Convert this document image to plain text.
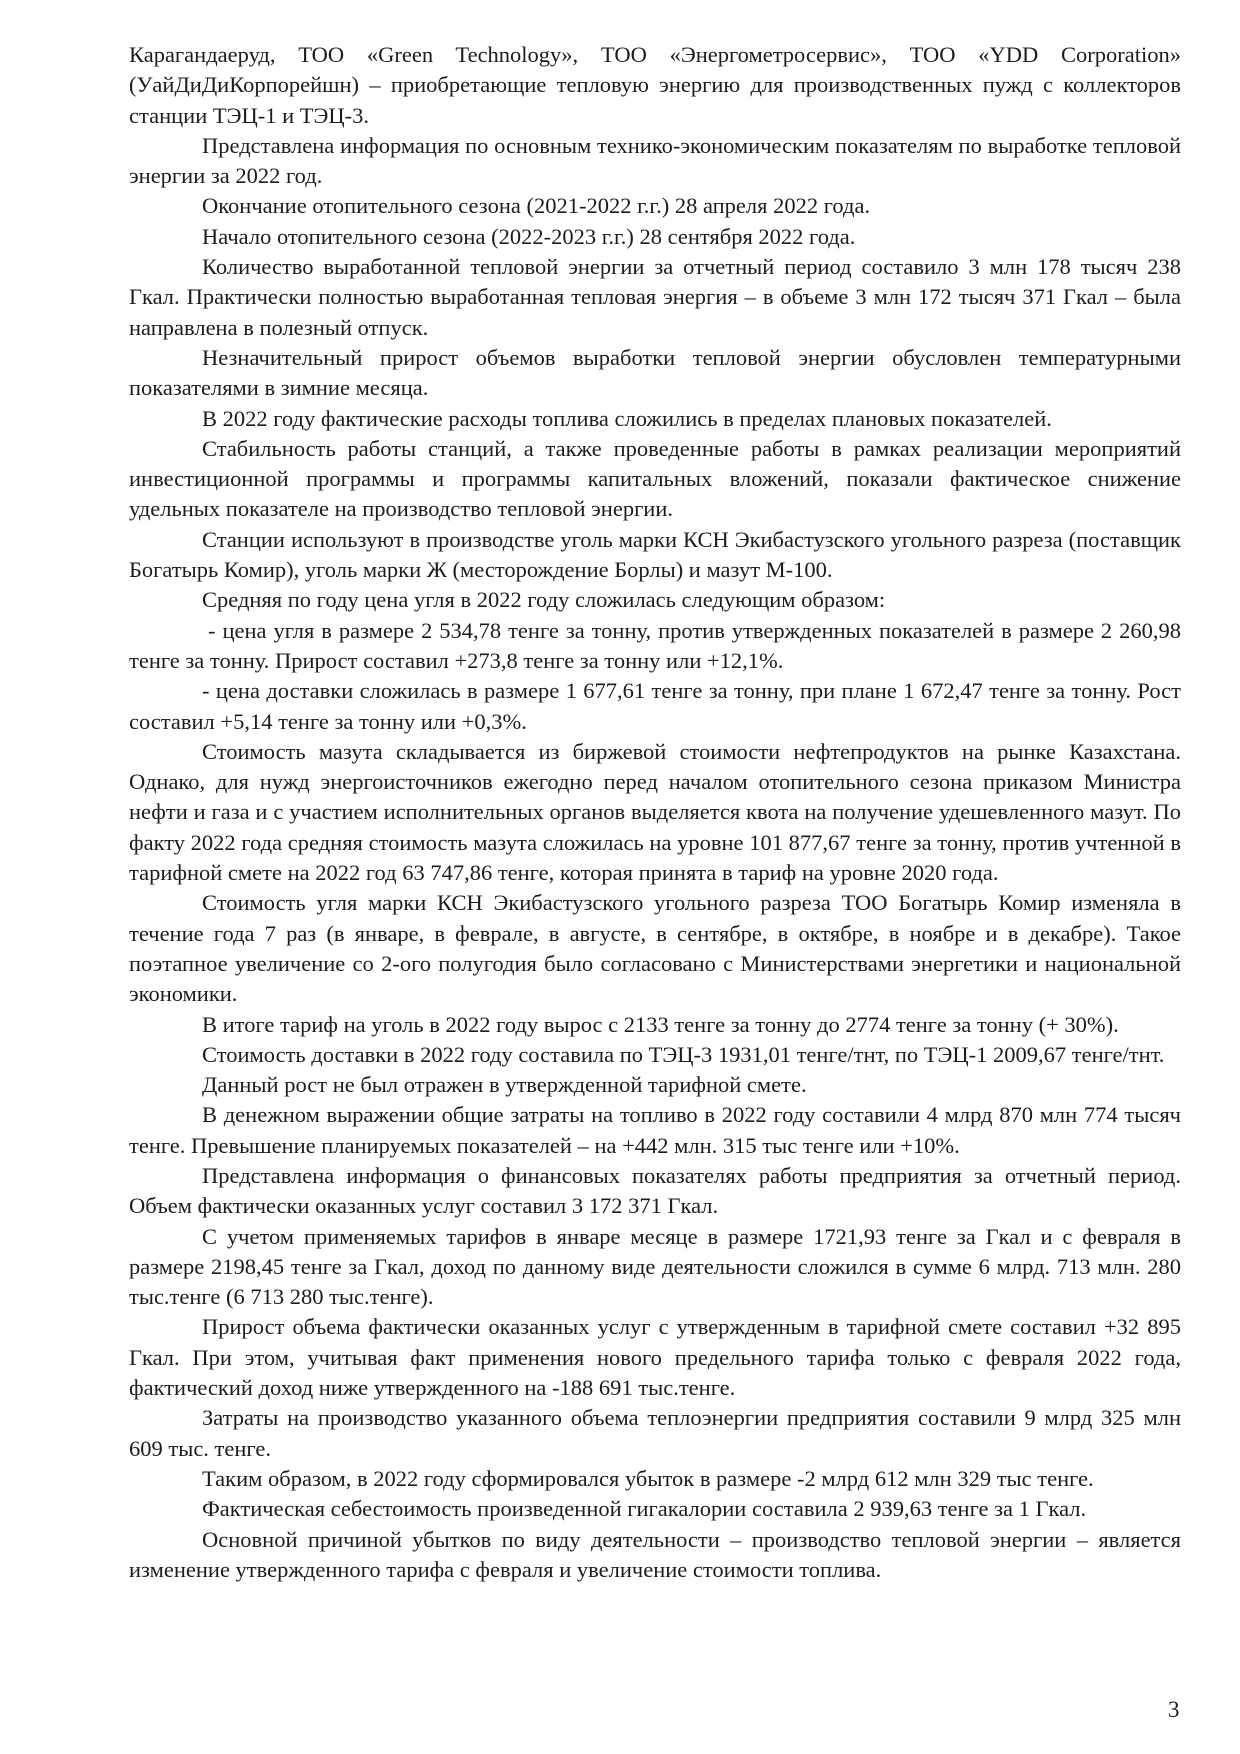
Карагандаеруд, ТОО «Green Technology», ТОО «Энергометросервис», ТОО «YDD Corporation» (УайДиДиКорпорейшн) – приобретающие тепловую энергию для производственных пужд с коллекторов станции ТЭЦ-1 и ТЭЦ-3.

Представлена информация по основным технико-экономическим показателям по выработке тепловой энергии за 2022 год.

Окончание отопительного сезона (2021-2022 г.г.) 28 апреля 2022 года.

Начало отопительного сезона (2022-2023 г.г.) 28 сентября 2022 года.

Количество выработанной тепловой энергии за отчетный период составило 3 млн 178 тысяч 238 Гкал. Практически полностью выработанная тепловая энергия – в объеме 3 млн 172 тысяч 371 Гкал – была направлена в полезный отпуск.

Незначительный прирост объемов выработки тепловой энергии обусловлен температурными показателями в зимние месяца.

В 2022 году фактические расходы топлива сложились в пределах плановых показателей.

Стабильность работы станций, а также проведенные работы в рамках реализации мероприятий инвестиционной программы и программы капитальных вложений, показали фактическое снижение удельных показателе на производство тепловой энергии.

Станции используют в производстве уголь марки КСН Экибастузского угольного разреза (поставщик Богатырь Комир), уголь марки Ж (месторождение Борлы) и мазут М-100.

Средняя по году цена угля в 2022 году сложилась следующим образом:

- цена угля в размере 2 534,78 тенге за тонну, против утвержденных показателей в размере 2 260,98 тенге за тонну. Прирост составил +273,8 тенге за тонну или +12,1%.

- цена доставки сложилась в размере 1 677,61 тенге за тонну, при плане 1 672,47 тенге за тонну. Рост составил +5,14 тенге за тонну или +0,3%.

Стоимость мазута складывается из биржевой стоимости нефтепродуктов на рынке Казахстана. Однако, для нужд энергоисточников ежегодно перед началом отопительного сезона приказом Министра нефти и газа и с участием исполнительных органов выделяется квота на получение удешевленного мазут. По факту 2022 года средняя стоимость мазута сложилась на уровне 101 877,67 тенге за тонну, против учтенной в тарифной смете на 2022 год 63 747,86 тенге, которая принята в тариф на уровне 2020 года.

Стоимость угля марки КСН Экибастузского угольного разреза ТОО Богатырь Комир изменяла в течение года 7 раз (в январе, в феврале, в августе, в сентябре, в октябре, в ноябре и в декабре). Такое поэтапное увеличение со 2-ого полугодия было согласовано с Министерствами энергетики и национальной экономики.

В итоге тариф на уголь в 2022 году вырос с 2133 тенге за тонну до 2774 тенге за тонну (+ 30%).

Стоимость доставки в 2022 году составила по ТЭЦ-3 1931,01 тенге/тнт, по ТЭЦ-1 2009,67 тенге/тнт.

Данный рост не был отражен в утвержденной тарифной смете.

В денежном выражении общие затраты на топливо в 2022 году составили 4 млрд 870 млн 774 тысяч тенге. Превышение планируемых показателей – на +442 млн. 315 тыс тенге или +10%.

Представлена информация о финансовых показателях работы предприятия за отчетный период. Объем фактически оказанных услуг составил 3 172 371 Гкал.

С учетом применяемых тарифов в январе месяце в размере 1721,93 тенге за Гкал и с февраля в размере 2198,45 тенге за Гкал, доход по данному виде деятельности сложился в сумме 6 млрд. 713 млн. 280 тыс.тенге (6 713 280 тыс.тенге).

Прирост объема фактически оказанных услуг с утвержденным в тарифной смете составил +32 895 Гкал. При этом, учитывая факт применения нового предельного тарифа только с февраля 2022 года, фактический доход ниже утвержденного на -188 691 тыс.тенге.

Затраты на производство указанного объема теплоэнергии предприятия составили 9 млрд 325 млн 609 тыс. тенге.

Таким образом, в 2022 году сформировался убыток в размере -2 млрд 612 млн 329 тыс тенге.

Фактическая себестоимость произведенной гигакалории составила 2 939,63 тенге за 1 Гкал.

Основной причиной убытков по виду деятельности – производство тепловой энергии – является изменение утвержденного тарифа с февраля и увеличение стоимости топлива.

3
